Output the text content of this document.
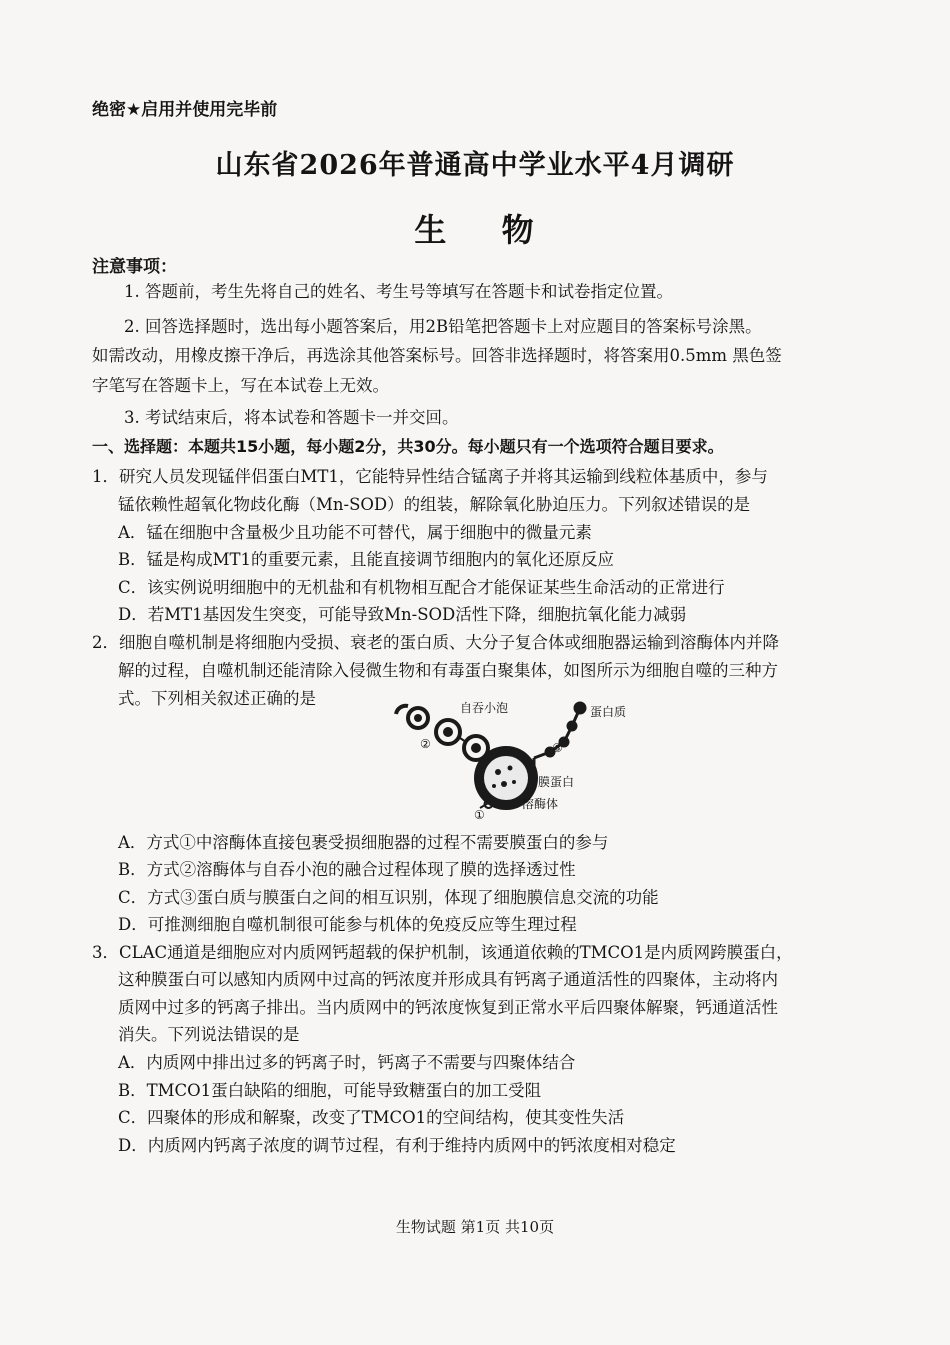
绝密★启用并使用完毕前
山东省2026年普通高中学业水平4月调研
生 物
注意事项：
1. 答题前，考生先将自己的姓名、考生号等填写在答题卡和试卷指定位置。
2. 回答选择题时，选出每小题答案后，用2B铅笔把答题卡上对应题目的答案标号涂黑。
如需改动，用橡皮擦干净后，再选涂其他答案标号。回答非选择题时，将答案用0.5mm 黑色签
字笔写在答题卡上，写在本试卷上无效。
3. 考试结束后，将本试卷和答题卡一并交回。
一、选择题：本题共15小题，每小题2分，共30分。每小题只有一个选项符合题目要求。
1．研究人员发现锰伴侣蛋白MT1，它能特异性结合锰离子并将其运输到线粒体基质中，参与
锰依赖性超氧化物歧化酶（Mn-SOD）的组装，解除氧化胁迫压力。下列叙述错误的是
A．锰在细胞中含量极少且功能不可替代，属于细胞中的微量元素
B．锰是构成MT1的重要元素，且能直接调节细胞内的氧化还原反应
C．该实例说明细胞中的无机盐和有机物相互配合才能保证某些生命活动的正常进行
D．若MT1基因发生突变，可能导致Mn-SOD活性下降，细胞抗氧化能力减弱
2．细胞自噬机制是将细胞内受损、衰老的蛋白质、大分子复合体或细胞器运输到溶酶体内并降
解的过程，自噬机制还能清除入侵微生物和有毒蛋白聚集体，如图所示为细胞自噬的三种方
式。下列相关叙述正确的是	自吞小泡	蛋白质
膜蛋白
溶酶体
②	③
①
A．方式①中溶酶体直接包裹受损细胞器的过程不需要膜蛋白的参与
B．方式②溶酶体与自吞小泡的融合过程体现了膜的选择透过性
C．方式③蛋白质与膜蛋白之间的相互识别，体现了细胞膜信息交流的功能
D．可推测细胞自噬机制很可能参与机体的免疫反应等生理过程
3．CLAC通道是细胞应对内质网钙超载的保护机制，该通道依赖的TMCO1是内质网跨膜蛋白，
这种膜蛋白可以感知内质网中过高的钙浓度并形成具有钙离子通道活性的四聚体，主动将内
质网中过多的钙离子排出。当内质网中的钙浓度恢复到正常水平后四聚体解聚，钙通道活性
消失。下列说法错误的是
A．内质网中排出过多的钙离子时，钙离子不需要与四聚体结合
B．TMCO1蛋白缺陷的细胞，可能导致糖蛋白的加工受阻
C．四聚体的形成和解聚，改变了TMCO1的空间结构，使其变性失活
D．内质网内钙离子浓度的调节过程，有利于维持内质网中的钙浓度相对稳定
生物试题 第1页 共10页
